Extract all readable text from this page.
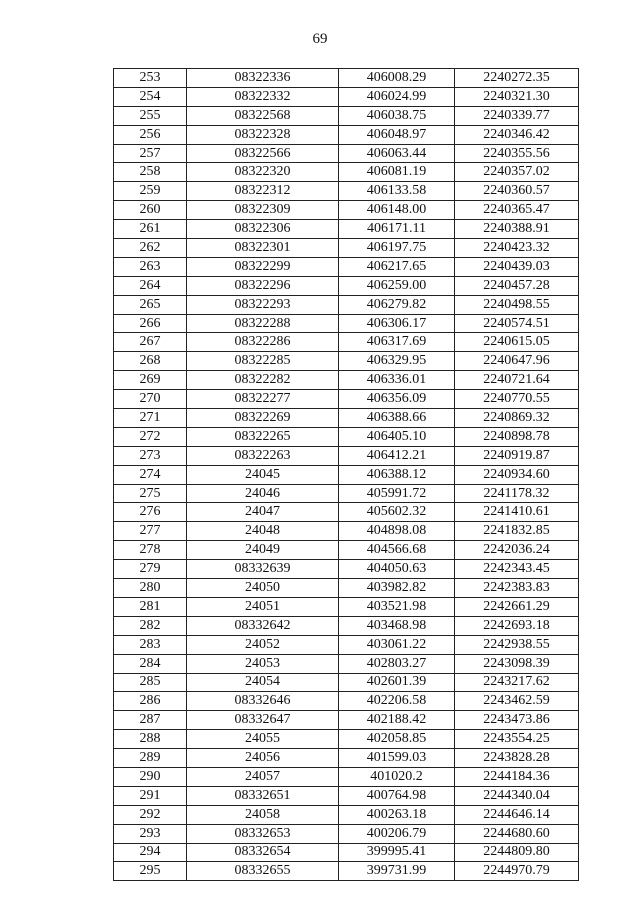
69
253	08322336	406008.29	2240272.35
254	08322332	406024.99	2240321.30
255	08322568	406038.75	2240339.77
256	08322328	406048.97	2240346.42
257	08322566	406063.44	2240355.56
258	08322320	406081.19	2240357.02
259	08322312	406133.58	2240360.57
260	08322309	406148.00	2240365.47
261	08322306	406171.11	2240388.91
262	08322301	406197.75	2240423.32
263	08322299	406217.65	2240439.03
264	08322296	406259.00	2240457.28
265	08322293	406279.82	2240498.55
266	08322288	406306.17	2240574.51
267	08322286	406317.69	2240615.05
268	08322285	406329.95	2240647.96
269	08322282	406336.01	2240721.64
270	08322277	406356.09	2240770.55
271	08322269	406388.66	2240869.32
272	08322265	406405.10	2240898.78
273	08322263	406412.21	2240919.87
274	24045	406388.12	2240934.60
275	24046	405991.72	2241178.32
276	24047	405602.32	2241410.61
277	24048	404898.08	2241832.85
278	24049	404566.68	2242036.24
279	08332639	404050.63	2242343.45
280	24050	403982.82	2242383.83
281	24051	403521.98	2242661.29
282	08332642	403468.98	2242693.18
283	24052	403061.22	2242938.55
284	24053	402803.27	2243098.39
285	24054	402601.39	2243217.62
286	08332646	402206.58	2243462.59
287	08332647	402188.42	2243473.86
288	24055	402058.85	2243554.25
289	24056	401599.03	2243828.28
290	24057	401020.2	2244184.36
291	08332651	400764.98	2244340.04
292	24058	400263.18	2244646.14
293	08332653	400206.79	2244680.60
294	08332654	399995.41	2244809.80
295	08332655	399731.99	2244970.79
